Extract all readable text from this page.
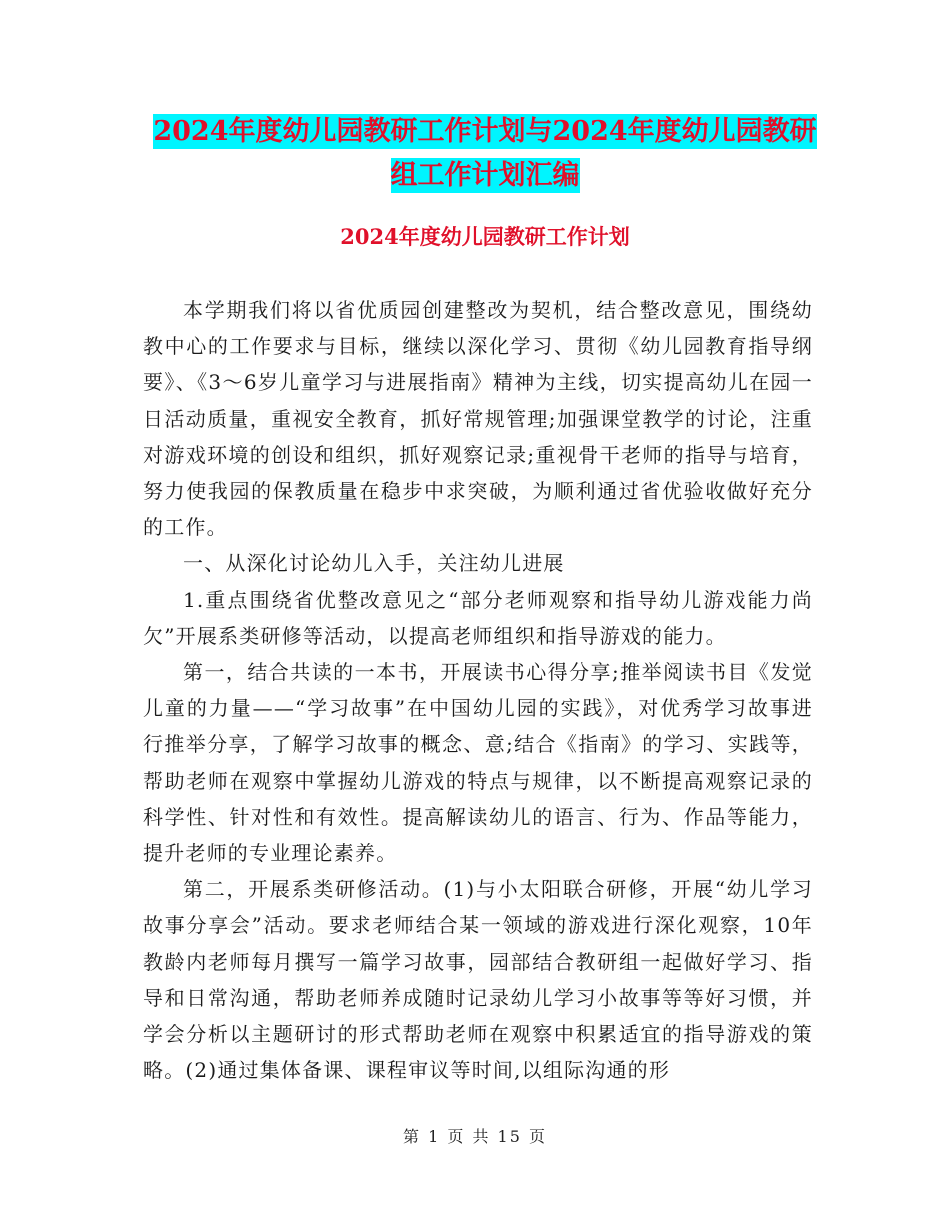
2024年度幼儿园教研工作计划与2024年度幼儿园教研
组工作计划汇编
2024年度幼儿园教研工作计划

本学期我们将以省优质园创建整改为契机，结合整改意见，围绕幼教中心的工作要求与目标，继续以深化学习、贯彻《幼儿园教育指导纲要》、《3～6岁儿童学习与进展指南》精神为主线，切实提高幼儿在园一日活动质量，重视安全教育，抓好常规管理;加强课堂教学的讨论，注重对游戏环境的创设和组织，抓好观察记录;重视骨干老师的指导与培育，努力使我园的保教质量在稳步中求突破，为顺利通过省优验收做好充分的工作。

一、从深化讨论幼儿入手，关注幼儿进展

1.重点围绕省优整改意见之“部分老师观察和指导幼儿游戏能力尚欠”开展系类研修等活动，以提高老师组织和指导游戏的能力。

第一，结合共读的一本书，开展读书心得分享;推举阅读书目《发觉儿童的力量——“学习故事”在中国幼儿园的实践》，对优秀学习故事进行推举分享，了解学习故事的概念、意;结合《指南》的学习、实践等，帮助老师在观察中掌握幼儿游戏的特点与规律，以不断提高观察记录的科学性、针对性和有效性。提高解读幼儿的语言、行为、作品等能力，提升老师的专业理论素养。

第二，开展系类研修活动。(1)与小太阳联合研修，开展“幼儿学习故事分享会”活动。要求老师结合某一领域的游戏进行深化观察，10年教龄内老师每月撰写一篇学习故事，园部结合教研组一起做好学习、指导和日常沟通，帮助老师养成随时记录幼儿学习小故事等等好习惯，并学会分析以主题研讨的形式帮助老师在观察中积累适宜的指导游戏的策略。(2)通过集体备课、课程审议等时间,以组际沟通的形

第 1 页 共 15 页
